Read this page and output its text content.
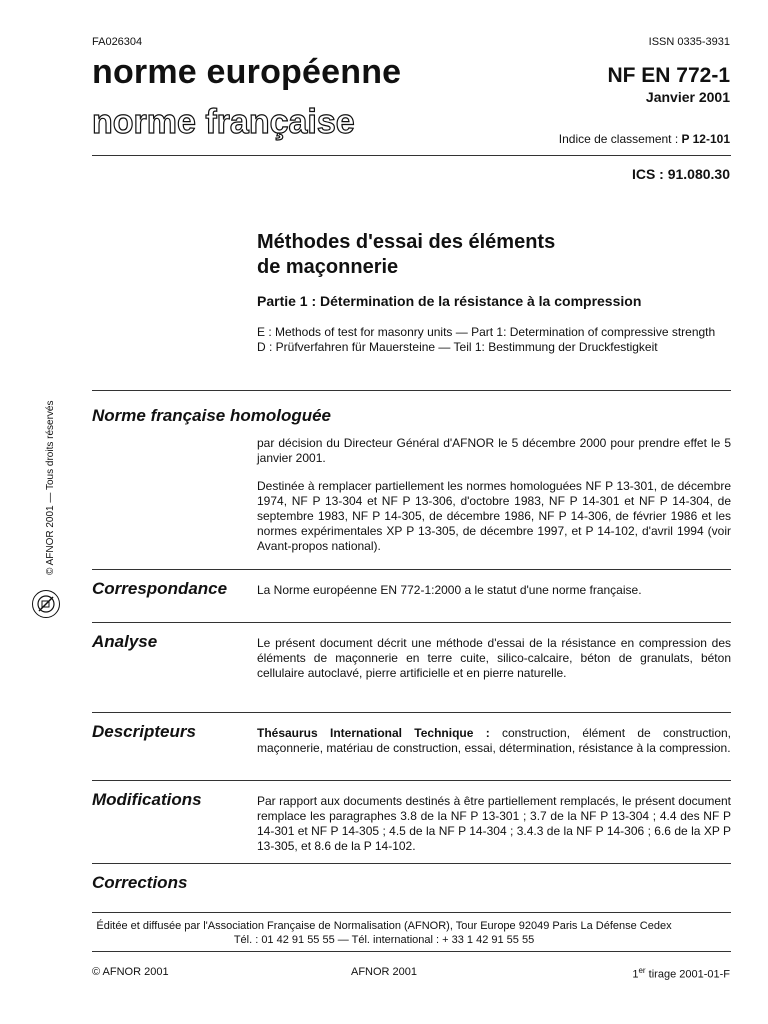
FA026304	ISSN 0335-3931
norme européenne
norme française
NF EN 772-1
Janvier 2001
Indice de classement : P 12-101
ICS : 91.080.30
Méthodes d'essai des éléments
de maçonnerie
Partie 1 : Détermination de la résistance à la compression

E : Methods of test for masonry units — Part 1: Determination of compressive strength

D : Prüfverfahren für Mauersteine — Teil 1: Bestimmung der Druckfestigkeit

Norme française homologuée

par décision du Directeur Général d'AFNOR le 5 décembre 2000 pour prendre effet le 5 janvier 2001.

Destinée à remplacer partiellement les normes homologuées NF P 13-301, de décembre 1974, NF P 13-304 et NF P 13-306, d'octobre 1983, NF P 14-301 et NF P 14-304, de septembre 1983, NF P 14-305, de décembre 1986, NF P 14-306, de février 1986 et les normes expérimentales XP P 13-305, de décembre 1997, et P 14-102, d'avril 1994 (voir Avant-propos national).

Correspondance La Norme européenne EN 772-1:2000 a le statut d'une norme française.
Analyse	Le présent document décrit une méthode d'essai de la résistance en compression des éléments de maçonnerie en terre cuite, silico-calcaire, béton de granulats, béton cellulaire autoclavé, pierre artificielle et en pierre naturelle.
Descripteurs	Thésaurus International Technique : construction, élément de construction, maçonnerie, matériau de construction, essai, détermination, résistance à la compression.
Modifications	Par rapport aux documents destinés à être partiellement remplacés, le présent document remplace les paragraphes 3.8 de la NF P 13-301 ; 3.7 de la NF P 13-304 ; 4.4 des NF P 14-301 et NF P 14-305 ; 4.5 de la NF P 14-304 ; 3.4.3 de la NF P 14-306 ; 6.6 de la XP P 13-305, et 8.6 de la P 14-102.
Corrections
Éditée et diffusée par l'Association Française de Normalisation (AFNOR), Tour Europe 92049 Paris La Défense Cedex
Tél. : 01 42 91 55 55 — Tél. international : + 33 1 42 91 55 55
© AFNOR 2001	AFNOR 2001	1er tirage 2001-01-F
© AFNOR 2001 — Tous droits réservés
